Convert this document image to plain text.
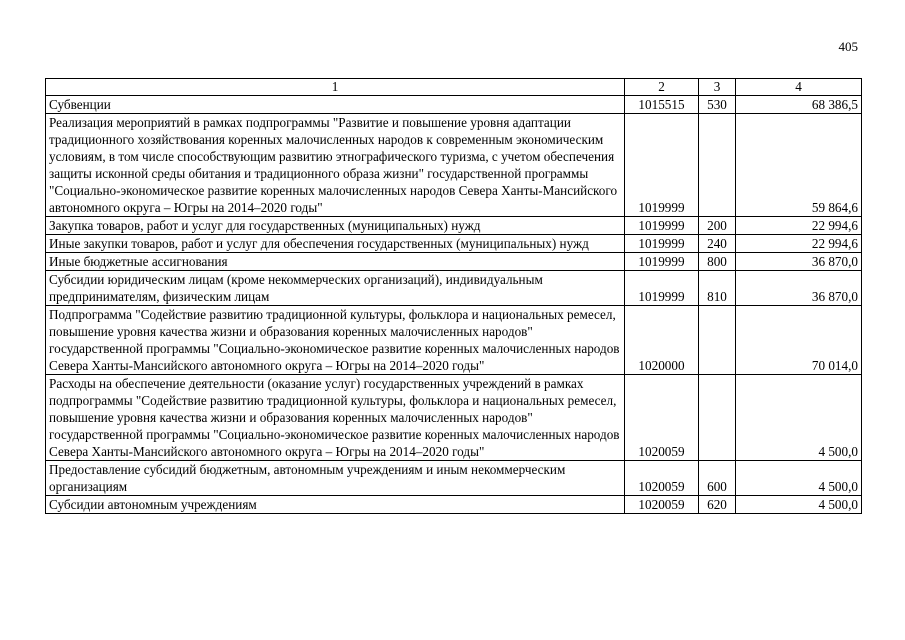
405
1	2	3	4
Субвенции	1015515	530	68 386,5
Реализация мероприятий в рамках подпрограммы "Развитие и повышение уровня адаптации традиционного хозяйствования коренных малочисленных народов к современным экономическим условиям, в том числе способствующим развитию этнографического туризма, с учетом обеспечения защиты исконной среды обитания и традиционного образа жизни" государственной программы "Социально-экономическое развитие коренных малочисленных народов Севера Ханты-Мансийского автономного округа – Югры на 2014–2020 годы"	1019999		59 864,6
Закупка товаров, работ и услуг для государственных (муниципальных) нужд	1019999	200	22 994,6
Иные закупки товаров, работ и услуг для обеспечения государственных (муниципальных) нужд	1019999	240	22 994,6
Иные бюджетные ассигнования	1019999	800	36 870,0
Субсидии юридическим лицам (кроме некоммерческих организаций), индивидуальным предпринимателям, физическим лицам	1019999	810	36 870,0
Подпрограмма "Содействие развитию традиционной культуры, фольклора и национальных ремесел, повышение уровня качества жизни и образования коренных малочисленных народов" государственной программы "Социально-экономическое развитие коренных малочисленных народов Севера Ханты-Мансийского автономного округа – Югры на 2014–2020 годы"	1020000		70 014,0
Расходы на обеспечение деятельности (оказание услуг) государственных учреждений в рамках подпрограммы "Содействие развитию традиционной культуры, фольклора и национальных ремесел, повышение уровня качества жизни и образования коренных малочисленных народов" государственной программы "Социально-экономическое развитие коренных малочисленных народов Севера Ханты-Мансийского автономного округа – Югры на 2014–2020 годы"	1020059		4 500,0
Предоставление субсидий бюджетным, автономным учреждениям и иным некоммерческим организациям	1020059	600	4 500,0
Субсидии автономным учреждениям	1020059	620	4 500,0
